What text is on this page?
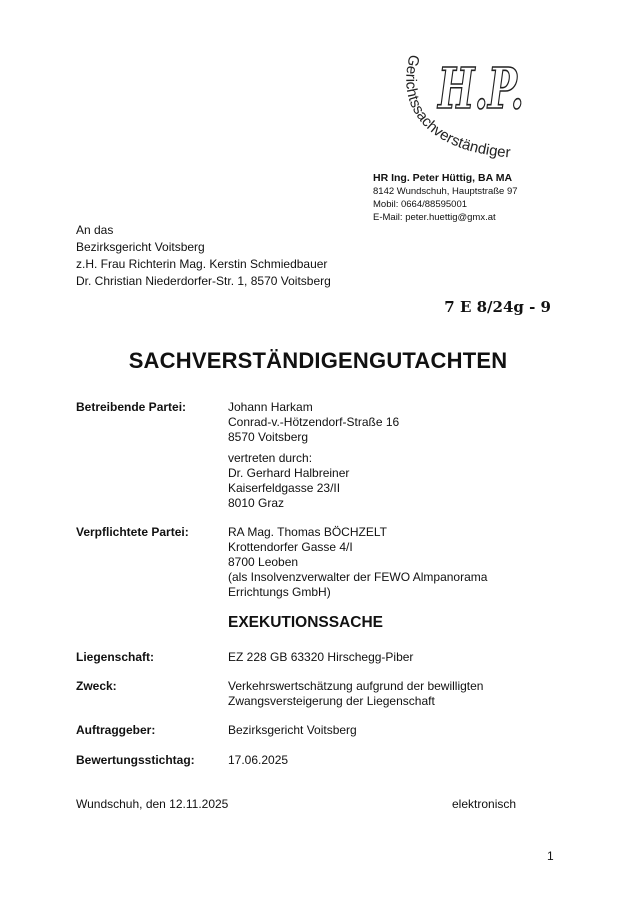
Gerichtssachverständiger
H.P.
HR Ing. Peter Hüttig, BA MA
8142 Wundschuh, Hauptstraße 97
Mobil: 0664/88595001
E-Mail: peter.huettig@gmx.at
An das
Bezirksgericht Voitsberg
z.H. Frau Richterin Mag. Kerstin Schmiedbauer
Dr. Christian Niederdorfer-Str. 1, 8570 Voitsberg
7 E 8/24g - 9
SACHVERSTÄNDIGENGUTACHTEN
Betreibende Partei:	Johann Harkam
Conrad-v.-Hötzendorf-Straße 16
8570 Voitsberg
vertreten durch:
Dr. Gerhard Halbreiner
Kaiserfeldgasse 23/II
8010 Graz
Verpflichtete Partei:	RA Mag. Thomas BÖCHZELT
Krottendorfer Gasse 4/I
8700 Leoben
(als Insolvenzverwalter der FEWO Almpanorama
Errichtungs GmbH)
EXEKUTIONSSACHE
Liegenschaft:	EZ 228 GB 63320 Hirschegg-Piber
Zweck:	Verkehrswertschätzung aufgrund der bewilligten
Zwangsversteigerung der Liegenschaft
Auftraggeber:	Bezirksgericht Voitsberg
Bewertungsstichtag:	17.06.2025
Wundschuh, den 12.11.2025	elektronisch
1
